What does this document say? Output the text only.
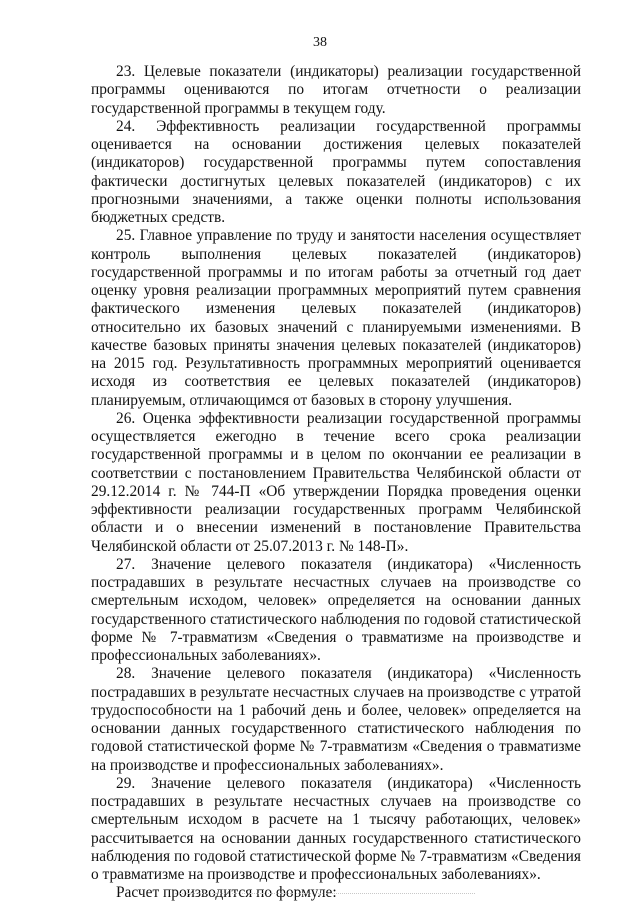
38

23. Целевые показатели (индикаторы) реализации государственной программы оцениваются по итогам отчетности о реализации государственной программы в текущем году.

24. Эффективность реализации государственной программы оценивается на основании достижения целевых показателей (индикаторов) государственной программы путем сопоставления фактически достигнутых целевых показателей (индикаторов) с их прогнозными значениями, а также оценки полноты использования бюджетных средств.

25. Главное управление по труду и занятости населения осуществляет контроль выполнения целевых показателей (индикаторов) государственной программы и по итогам работы за отчетный год дает оценку уровня реализации программных мероприятий путем сравнения фактического изменения целевых показателей (индикаторов) относительно их базовых значений с планируемыми изменениями. В качестве базовых приняты значения целевых показателей (индикаторов) на 2015 год. Результативность программных мероприятий оценивается исходя из соответствия ее целевых показателей (индикаторов) планируемым, отличающимся от базовых в сторону улучшения.

26. Оценка эффективности реализации государственной программы осуществляется ежегодно в течение всего срока реализации государственной программы и в целом по окончании ее реализации в соответствии с постановлением Правительства Челябинской области от 29.12.2014 г. № 744-П «Об утверждении Порядка проведения оценки эффективности реализации государственных программ Челябинской области и о внесении изменений в постановление Правительства Челябинской области от 25.07.2013 г. № 148-П».

27. Значение целевого показателя (индикатора) «Численность пострадавших в результате несчастных случаев на производстве со смертельным исходом, человек» определяется на основании данных государственного статистического наблюдения по годовой статистической форме № 7-травматизм «Сведения о травматизме на производстве и профессиональных заболеваниях».

28. Значение целевого показателя (индикатора) «Численность пострадавших в результате несчастных случаев на производстве с утратой трудоспособности на 1 рабочий день и более, человек» определяется на основании данных государственного статистического наблюдения по годовой статистической форме № 7-травматизм «Сведения о травматизме на производстве и профессиональных заболеваниях».

29. Значение целевого показателя (индикатора) «Численность пострадавших в результате несчастных случаев на производстве со смертельным исходом в расчете на 1 тысячу работающих, человек» рассчитывается на основании данных государственного статистического наблюдения по годовой статистической форме № 7-травматизм «Сведения о травматизме на производстве и профессиональных заболеваниях».

Расчет производится по формуле:
